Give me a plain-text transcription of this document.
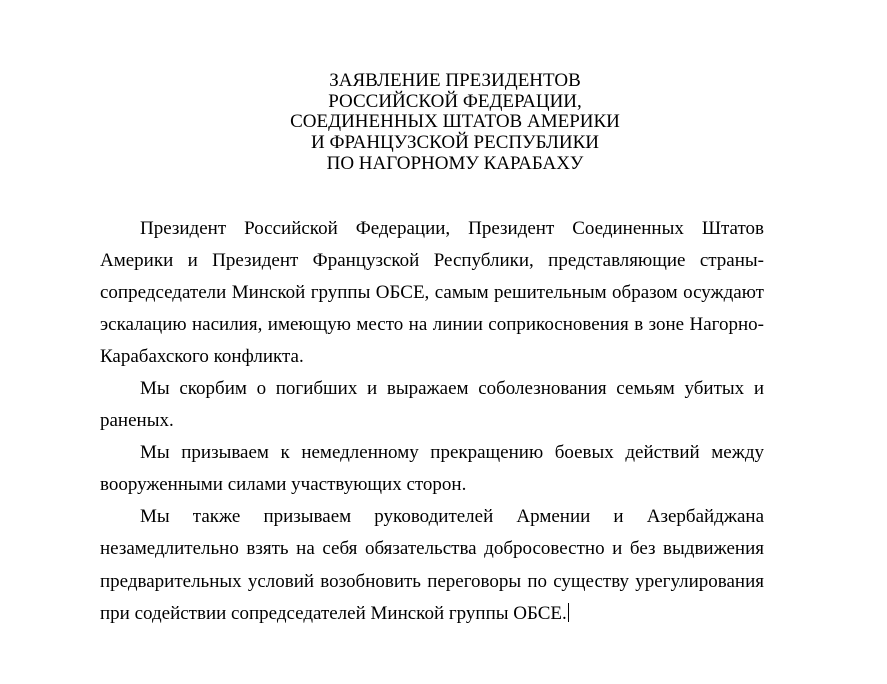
ЗАЯВЛЕНИЕ ПРЕЗИДЕНТОВ
РОССИЙСКОЙ ФЕДЕРАЦИИ,
СОЕДИНЕННЫХ ШТАТОВ АМЕРИКИ
И ФРАНЦУЗСКОЙ РЕСПУБЛИКИ
ПО НАГОРНОМУ КАРАБАХУ

Президент Российской Федерации, Президент Соединенных Штатов Америки и Президент Французской Республики, представляющие страны-сопредседатели Минской группы ОБСЕ, самым решительным образом осуждают эскалацию насилия, имеющую место на линии соприкосновения в зоне Нагорно-Карабахского конфликта.

Мы скорбим о погибших и выражаем соболезнования семьям убитых и раненых.

Мы призываем к немедленному прекращению боевых действий между вооруженными силами участвующих сторон.

Мы также призываем руководителей Армении и Азербайджана незамедлительно взять на себя обязательства добросовестно и без выдвижения предварительных условий возобновить переговоры по существу урегулирования при содействии сопредседателей Минской группы ОБСЕ.
